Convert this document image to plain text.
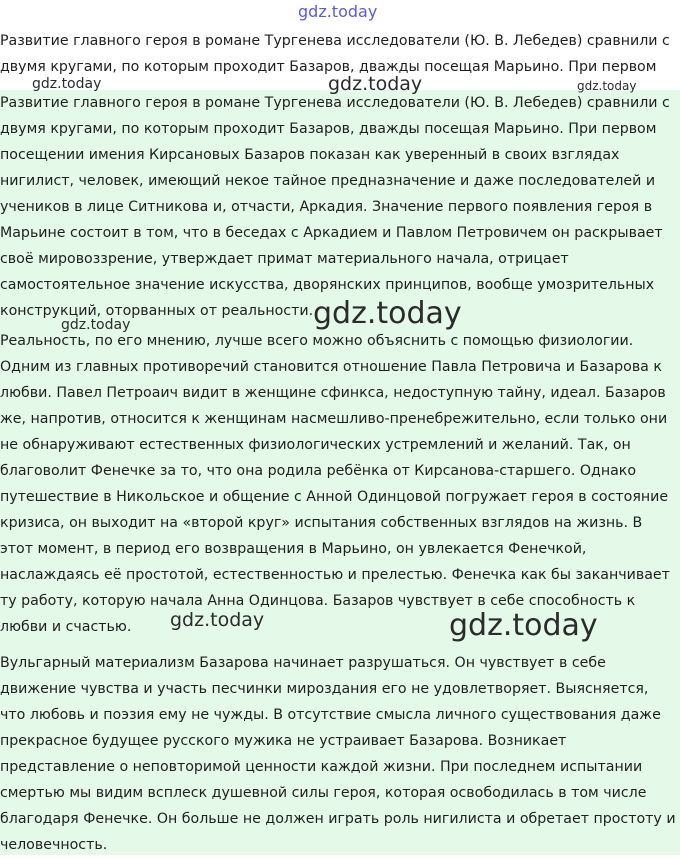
Развитие главного героя в романе Тургенева исследователи (Ю. В. Лебедев) сравнили с двумя кругами, по которым проходит Базаров, дважды посещая Марьино. При первом

Развитие главного героя в романе Тургенева исследователи (Ю. В. Лебедев) сравнили с двумя кругами, по которым проходит Базаров, дважды посещая Марьино. При первом посещении имения Кирсановых Базаров показан как уверенный в своих взглядах нигилист, человек, имеющий некое тайное предназначение и даже последователей и учеников в лице Ситникова и, отчасти, Аркадия. Значение первого появления героя в Марьине состоит в том, что в беседах с Аркадием и Павлом Петровичем он раскрывает своё мировоззрение, утверждает примат материального начала, отрицает самостоятельное значение искусства, дворянских принципов, вообще умозрительных конструкций, оторванных от реальности.

Реальность, по его мнению, лучше всего можно объяснить с помощью физиологии. Одним из главных противоречий становится отношение Павла Петровича и Базарова к любви. Павел Петроаич видит в женщине сфинкса, недоступную тайну, идеал. Базаров же, напротив, относится к женщинам насмешливо-пренебрежительно, если только они не обнаруживают естественных физиологических устремлений и желаний. Так, он благоволит Фенечке за то, что она родила ребёнка от Кирсанова-старшего. Однако путешествие в Никольское и общение с Анной Одинцовой погружает героя в состояние кризиса, он выходит на «второй круг» испытания собственных взглядов на жизнь. В этот момент, в период его возвращения в Марьино, он увлекается Фенечкой, наслаждаясь её простотой, естественностью и прелестью. Фенечка как бы заканчивает ту работу, которую начала Анна Одинцова. Базаров чувствует в себе способность к любви и счастью.

Вульгарный материализм Базарова начинает разрушаться. Он чувствует в себе движение чувства и участь песчинки мироздания его не удовлетворяет. Выясняется, что любовь и поэзия ему не чужды. В отсутствие смысла личного существования даже прекрасное будущее русского мужика не устраивает Базарова. Возникает представление о неповторимой ценности каждой жизни. При последнем испытании смертью мы видим всплеск душевной силы героя, которая освободилась в том числе благодаря Фенечке. Он больше не должен играть роль нигилиста и обретает простоту и человечность.

gdz.today
gdz.today	gdz.today	gdz.today
gdz.today
gdz.today
gdz.today	gdz.today
